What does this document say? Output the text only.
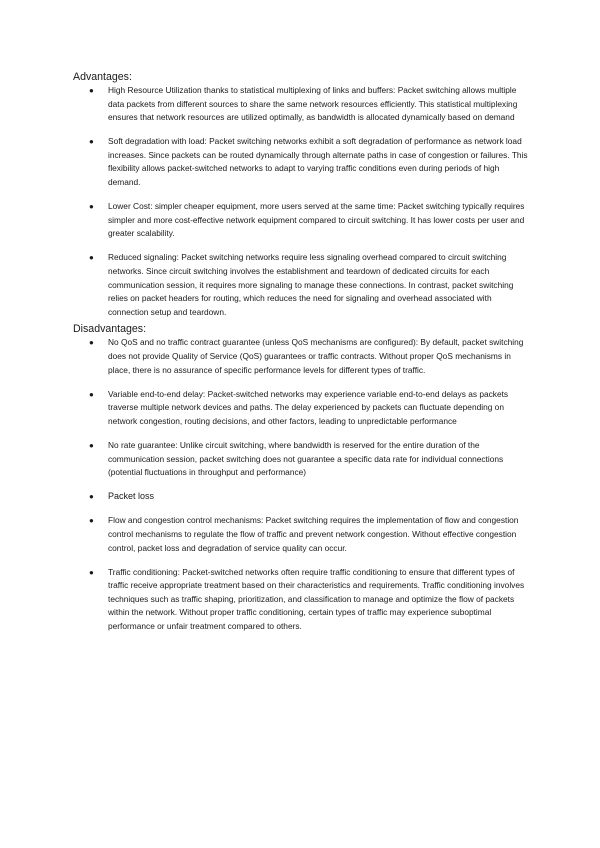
Advantages:

● High Resource Utilization thanks to statistical multiplexing of links and buffers: Packet switching allows multiple data packets from different sources to share the same network resources efficiently. This statistical multiplexing ensures that network resources are utilized optimally, as bandwidth is allocated dynamically based on demand
● Soft degradation with load: Packet switching networks exhibit a soft degradation of performance as network load increases. Since packets can be routed dynamically through alternate paths in case of congestion or failures. This flexibility allows packet-switched networks to adapt to varying traffic conditions even during periods of high demand.
● Lower Cost: simpler cheaper equipment, more users served at the same time: Packet switching typically requires simpler and more cost-effective network equipment compared to circuit switching. It has lower costs per user and greater scalability.
● Reduced signaling: Packet switching networks require less signaling overhead compared to circuit switching networks. Since circuit switching involves the establishment and teardown of dedicated circuits for each communication session, it requires more signaling to manage these connections. In contrast, packet switching relies on packet headers for routing, which reduces the need for signaling and overhead associated with connection setup and teardown.

Disadvantages:

● No QoS and no traffic contract guarantee (unless QoS mechanisms are configured): By default, packet switching does not provide Quality of Service (QoS) guarantees or traffic contracts. Without proper QoS mechanisms in place, there is no assurance of specific performance levels for different types of traffic.
● Variable end-to-end delay: Packet-switched networks may experience variable end-to-end delays as packets traverse multiple network devices and paths. The delay experienced by packets can fluctuate depending on network congestion, routing decisions, and other factors, leading to unpredictable performance
● No rate guarantee: Unlike circuit switching, where bandwidth is reserved for the entire duration of the communication session, packet switching does not guarantee a specific data rate for individual connections (potential fluctuations in throughput and performance)
● Packet loss
● Flow and congestion control mechanisms: Packet switching requires the implementation of flow and congestion control mechanisms to regulate the flow of traffic and prevent network congestion. Without effective congestion control, packet loss and degradation of service quality can occur.
● Traffic conditioning: Packet-switched networks often require traffic conditioning to ensure that different types of traffic receive appropriate treatment based on their characteristics and requirements. Traffic conditioning involves techniques such as traffic shaping, prioritization, and classification to manage and optimize the flow of packets within the network. Without proper traffic conditioning, certain types of traffic may experience suboptimal performance or unfair treatment compared to others.
